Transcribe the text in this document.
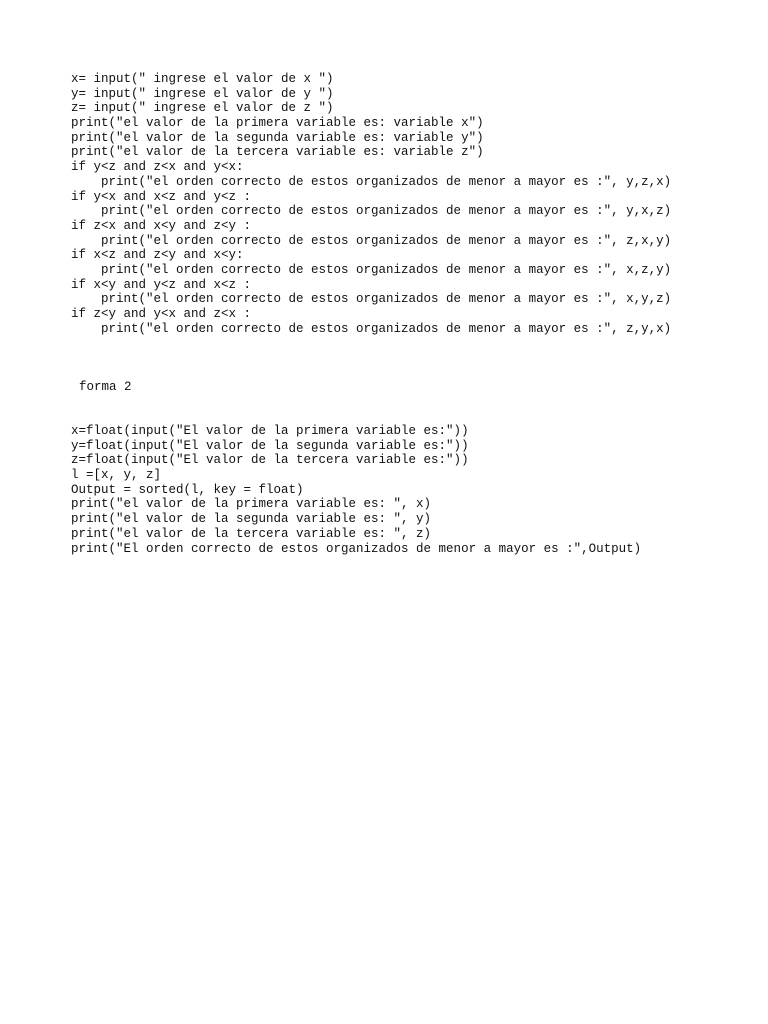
x= input(" ingrese el valor de x ")
y= input(" ingrese el valor de y ")
z= input(" ingrese el valor de z ")
print("el valor de la primera variable es: variable x")
print("el valor de la segunda variable es: variable y")
print("el valor de la tercera variable es: variable z")
if y<z and z<x and y<x:
print("el orden correcto de estos organizados de menor a mayor es :", y,z,x)
if y<x and x<z and y<z :
print("el orden correcto de estos organizados de menor a mayor es :", y,x,z)
if z<x and x<y and z<y :
print("el orden correcto de estos organizados de menor a mayor es :", z,x,y)
if x<z and z<y and x<y:
print("el orden correcto de estos organizados de menor a mayor es :", x,z,y)
if x<y and y<z and x<z :
print("el orden correcto de estos organizados de menor a mayor es :", x,y,z)
if z<y and y<x and z<x :
print("el orden correcto de estos organizados de menor a mayor es :", z,y,x)
forma 2
x=float(input("El valor de la primera variable es:"))
y=float(input("El valor de la segunda variable es:"))
z=float(input("El valor de la tercera variable es:"))
l =[x, y, z]
Output = sorted(l, key = float)
print("el valor de la primera variable es: ", x)
print("el valor de la segunda variable es: ", y)
print("el valor de la tercera variable es: ", z)
print("El orden correcto de estos organizados de menor a mayor es :",Output)
